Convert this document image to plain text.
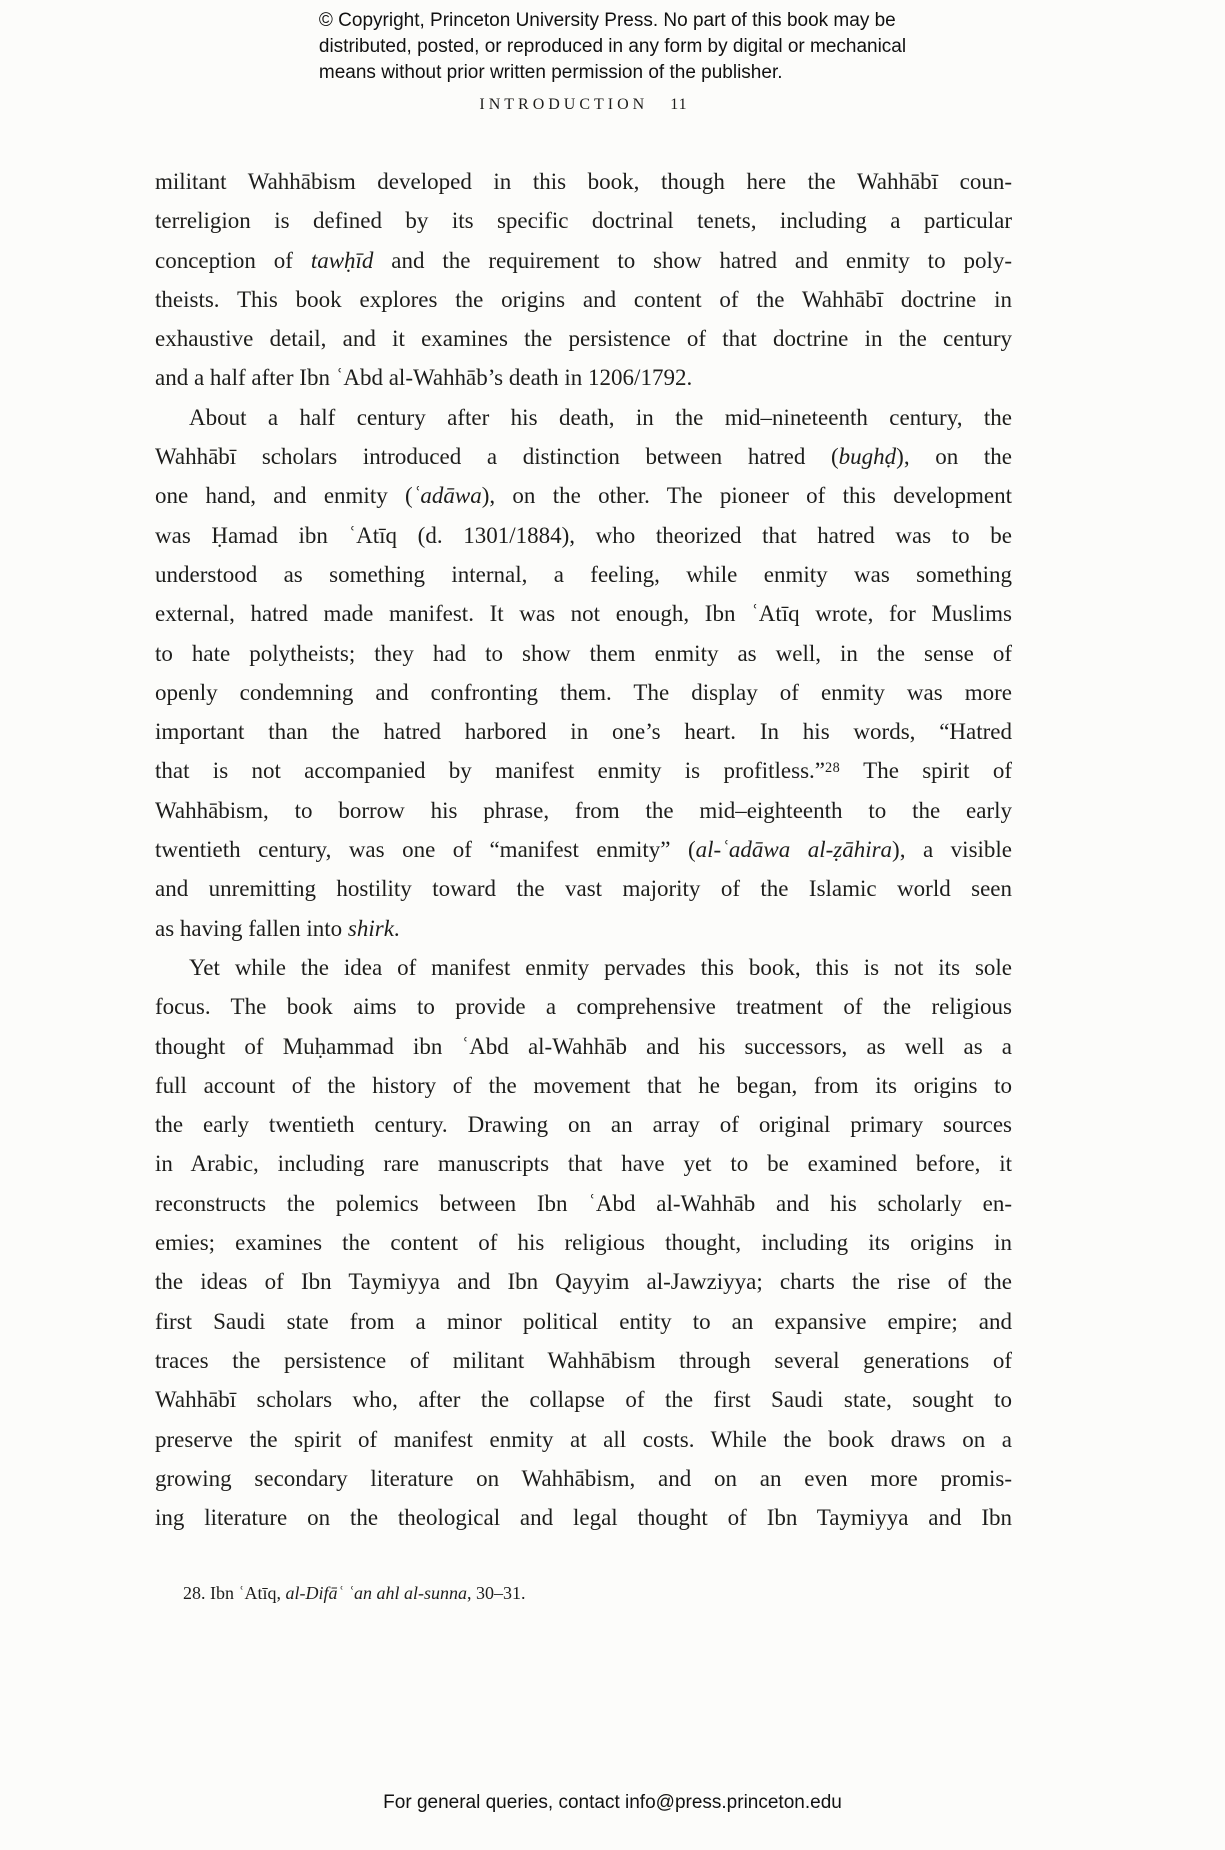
© Copyright, Princeton University Press. No part of this book may be
distributed, posted, or reproduced in any form by digital or mechanical
means without prior written permission of the publisher.
INTRODUCTION 11
militant Wahhābism developed in this book, though here the Wahhābī coun-
terreligion is defined by its specific doctrinal tenets, including a particular
conception of tawḥīd and the requirement to show hatred and enmity to poly-
theists. This book explores the origins and content of the Wahhābī doctrine in
exhaustive detail, and it examines the persistence of that doctrine in the century
and a half after Ibn ʿAbd al-Wahhāb’s death in 1206/1792.
About a half century after his death, in the mid–nineteenth century, the
Wahhābī scholars introduced a distinction between hatred (bughḍ), on the
one hand, and enmity (ʿadāwa), on the other. The pioneer of this development
was Ḥamad ibn ʿAtīq (d. 1301/1884), who theorized that hatred was to be
understood as something internal, a feeling, while enmity was something
external, hatred made manifest. It was not enough, Ibn ʿAtīq wrote, for Muslims
to hate polytheists; they had to show them enmity as well, in the sense of
openly condemning and confronting them. The display of enmity was more
important than the hatred harbored in one’s heart. In his words, “Hatred
that is not accompanied by manifest enmity is profitless.”$^{28}$ The spirit of
Wahhābism, to borrow his phrase, from the mid–eighteenth to the early
twentieth century, was one of “manifest enmity” (al-ʿadāwa al-ẓāhira), a visible
and unremitting hostility toward the vast majority of the Islamic world seen
as having fallen into shirk.
Yet while the idea of manifest enmity pervades this book, this is not its sole
focus. The book aims to provide a comprehensive treatment of the religious
thought of Muḥammad ibn ʿAbd al-Wahhāb and his successors, as well as a
full account of the history of the movement that he began, from its origins to
the early twentieth century. Drawing on an array of original primary sources
in Arabic, including rare manuscripts that have yet to be examined before, it
reconstructs the polemics between Ibn ʿAbd al-Wahhāb and his scholarly en-
emies; examines the content of his religious thought, including its origins in
the ideas of Ibn Taymiyya and Ibn Qayyim al-Jawziyya; charts the rise of the
first Saudi state from a minor political entity to an expansive empire; and
traces the persistence of militant Wahhābism through several generations of
Wahhābī scholars who, after the collapse of the first Saudi state, sought to
preserve the spirit of manifest enmity at all costs. While the book draws on a
growing secondary literature on Wahhābism, and on an even more promis-
ing literature on the theological and legal thought of Ibn Taymiyya and Ibn
28. Ibn ʿAtīq, al-Difāʿ ʿan ahl al-sunna, 30–31.
For general queries, contact info@press.princeton.edu
